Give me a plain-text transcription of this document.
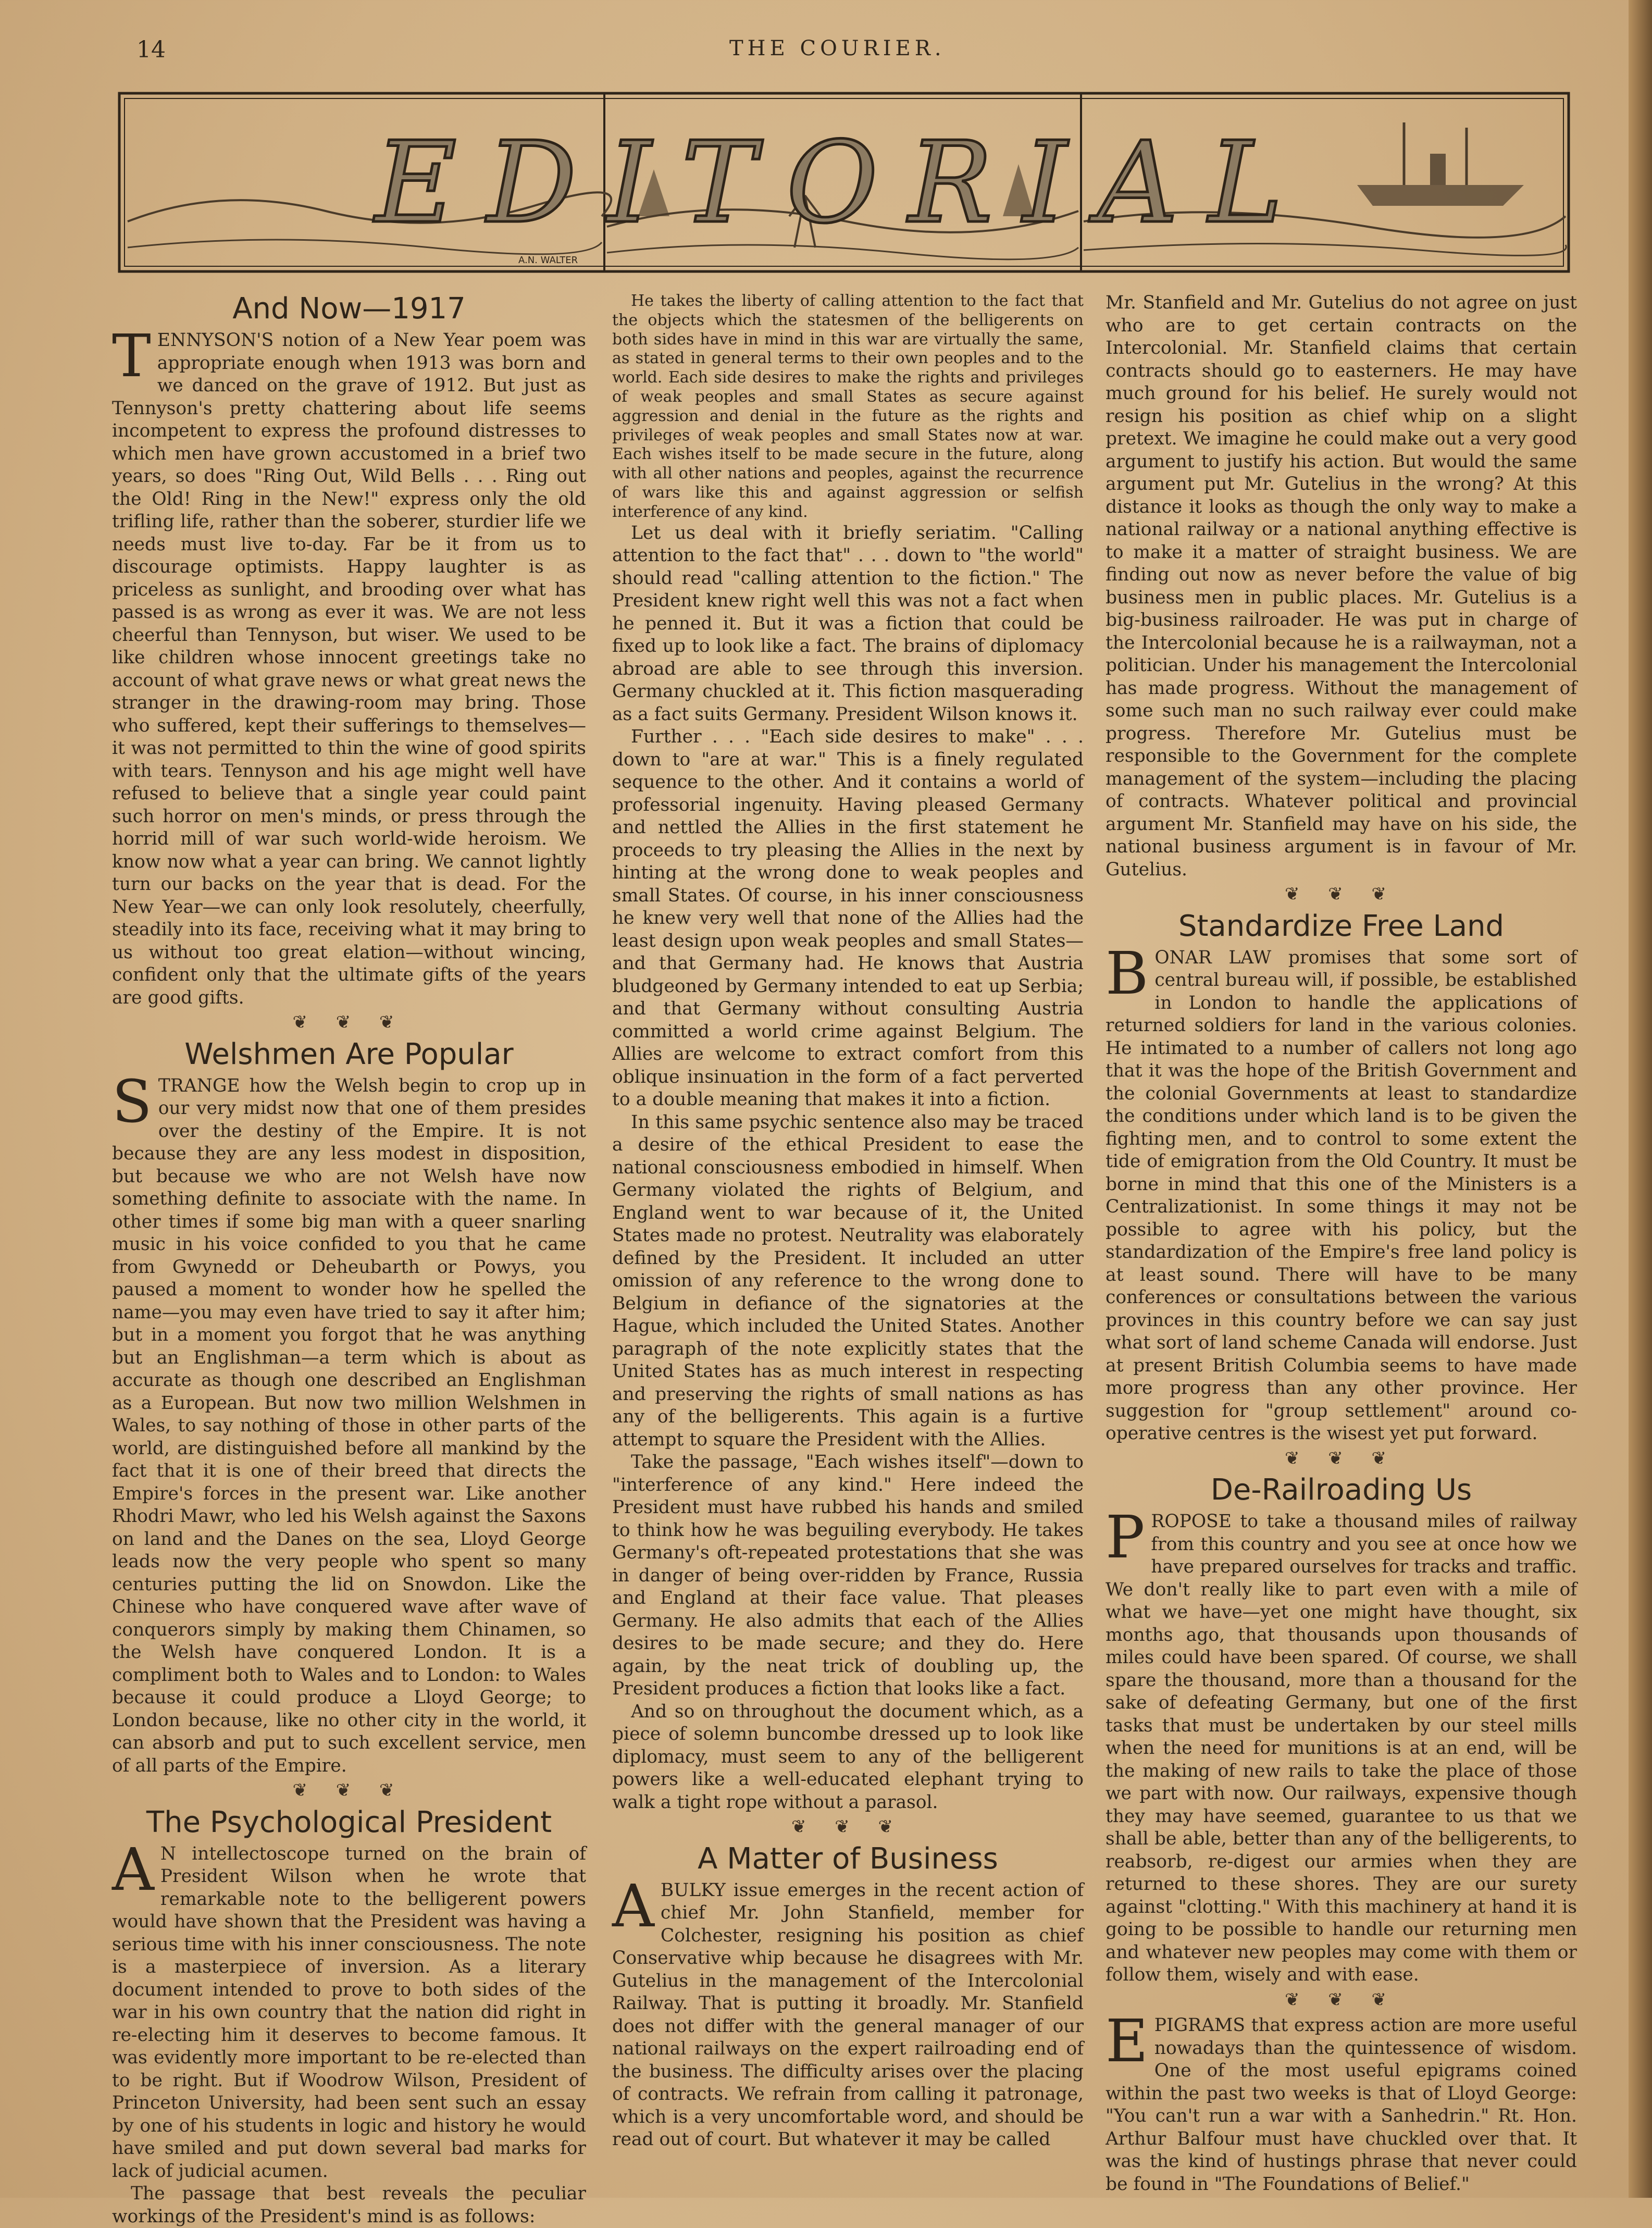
14	THE COURIER.
EDITORIAL
A.N. WALTER
And Now—1917

TENNYSON'S notion of a New Year poem was appropriate enough when 1913 was born and we danced on the grave of 1912. But just as Tennyson's pretty chattering about life seems incompetent to express the profound distresses to which men have grown accustomed in a brief two years, so does "Ring Out, Wild Bells . . . Ring out the Old! Ring in the New!" express only the old trifling life, rather than the soberer, sturdier life we needs must live to-day. Far be it from us to discourage optimists. Happy laughter is as priceless as sunlight, and brooding over what has passed is as wrong as ever it was. We are not less cheerful than Tennyson, but wiser. We used to be like children whose innocent greetings take no account of what grave news or what great news the stranger in the drawing-room may bring. Those who suffered, kept their sufferings to themselves—it was not permitted to thin the wine of good spirits with tears. Tennyson and his age might well have refused to believe that a single year could paint such horror on men's minds, or press through the horrid mill of war such world-wide heroism. We know now what a year can bring. We cannot lightly turn our backs on the year that is dead. For the New Year—we can only look resolutely, cheerfully, steadily into its face, receiving what it may bring to us without too great elation—without wincing, confident only that the ultimate gifts of the years are good gifts.

❦ ❦ ❦
Welshmen Are Popular

STRANGE how the Welsh begin to crop up in our very midst now that one of them presides over the destiny of the Empire. It is not because they are any less modest in disposition, but because we who are not Welsh have now something definite to associate with the name. In other times if some big man with a queer snarling music in his voice confided to you that he came from Gwynedd or Deheubarth or Powys, you paused a moment to wonder how he spelled the name—you may even have tried to say it after him; but in a moment you forgot that he was anything but an Englishman—a term which is about as accurate as though one described an Englishman as a European. But now two million Welshmen in Wales, to say nothing of those in other parts of the world, are distinguished before all mankind by the fact that it is one of their breed that directs the Empire's forces in the present war. Like another Rhodri Mawr, who led his Welsh against the Saxons on land and the Danes on the sea, Lloyd George leads now the very people who spent so many centuries putting the lid on Snowdon. Like the Chinese who have conquered wave after wave of conquerors simply by making them Chinamen, so the Welsh have conquered London. It is a compliment both to Wales and to London: to Wales because it could produce a Lloyd George; to London because, like no other city in the world, it can absorb and put to such excellent service, men of all parts of the Empire.

❦ ❦ ❦
The Psychological President

A N intellectoscope turned on the brain of President Wilson when he wrote that remarkable note to the belligerent powers would have shown that the President was having a serious time with his inner consciousness. The note is a masterpiece of inversion. As a literary document intended to prove to both sides of the war in his own country that the nation did right in re-electing him it deserves to become famous. It was evidently more important to be re-elected than to be right. But if Woodrow Wilson, President of Princeton University, had been sent such an essay by one of his students in logic and history he would have smiled and put down several bad marks for lack of judicial acumen.

The passage that best reveals the peculiar workings of the President's mind is as follows:

He takes the liberty of calling attention to the fact that the objects which the statesmen of the belligerents on both sides have in mind in this war are virtually the same, as stated in general terms to their own peoples and to the world. Each side desires to make the rights and privileges of weak peoples and small States as secure against aggression and denial in the future as the rights and privileges of weak peoples and small States now at war. Each wishes itself to be made secure in the future, along with all other nations and peoples, against the recurrence of wars like this and against aggression or selfish interference of any kind.

Let us deal with it briefly seriatim. "Calling attention to the fact that" . . . down to "the world" should read "calling attention to the fiction." The President knew right well this was not a fact when he penned it. But it was a fiction that could be fixed up to look like a fact. The brains of diplomacy abroad are able to see through this inversion. Germany chuckled at it. This fiction masquerading as a fact suits Germany. President Wilson knows it.

Further . . . "Each side desires to make" . . . down to "are at war." This is a finely regulated sequence to the other. And it contains a world of professorial ingenuity. Having pleased Germany and nettled the Allies in the first statement he proceeds to try pleasing the Allies in the next by hinting at the wrong done to weak peoples and small States. Of course, in his inner consciousness he knew very well that none of the Allies had the least design upon weak peoples and small States—and that Germany had. He knows that Austria bludgeoned by Germany intended to eat up Serbia; and that Germany without consulting Austria committed a world crime against Belgium. The Allies are welcome to extract comfort from this oblique insinuation in the form of a fact perverted to a double meaning that makes it into a fiction.

In this same psychic sentence also may be traced a desire of the ethical President to ease the national consciousness embodied in himself. When Germany violated the rights of Belgium, and England went to war because of it, the United States made no protest. Neutrality was elaborately defined by the President. It included an utter omission of any reference to the wrong done to Belgium in defiance of the signatories at the Hague, which included the United States. Another paragraph of the note explicitly states that the United States has as much interest in respecting and preserving the rights of small nations as has any of the belligerents. This again is a furtive attempt to square the President with the Allies.

Take the passage, "Each wishes itself"—down to "interference of any kind." Here indeed the President must have rubbed his hands and smiled to think how he was beguiling everybody. He takes Germany's oft-repeated protestations that she was in danger of being over-ridden by France, Russia and England at their face value. That pleases Germany. He also admits that each of the Allies desires to be made secure; and they do. Here again, by the neat trick of doubling up, the President produces a fiction that looks like a fact.

And so on throughout the document which, as a piece of solemn buncombe dressed up to look like diplomacy, must seem to any of the belligerent powers like a well-educated elephant trying to walk a tight rope without a parasol.

❦ ❦ ❦
A Matter of Business

ABULKY issue emerges in the recent action of chief Mr. John Stanfield, member for Colchester, resigning his position as chief Conservative whip because he disagrees with Mr. Gutelius in the management of the Intercolonial Railway. That is putting it broadly. Mr. Stanfield does not differ with the general manager of our national railways on the expert railroading end of the business. The difficulty arises over the placing of contracts. We refrain from calling it patronage, which is a very uncomfortable word, and should be read out of court. But whatever it may be called

Mr. Stanfield and Mr. Gutelius do not agree on just who are to get certain contracts on the Intercolonial. Mr. Stanfield claims that certain contracts should go to easterners. He may have much ground for his belief. He surely would not resign his position as chief whip on a slight pretext. We imagine he could make out a very good argument to justify his action. But would the same argument put Mr. Gutelius in the wrong? At this distance it looks as though the only way to make a national railway or a national anything effective is to make it a matter of straight business. We are finding out now as never before the value of big business men in public places. Mr. Gutelius is a big-business railroader. He was put in charge of the Intercolonial because he is a railwayman, not a politician. Under his management the Intercolonial has made progress. Without the management of some such man no such railway ever could make progress. Therefore Mr. Gutelius must be responsible to the Government for the complete management of the system—including the placing of contracts. Whatever political and provincial argument Mr. Stanfield may have on his side, the national business argument is in favour of Mr. Gutelius.

❦ ❦ ❦
Standardize Free Land

BONAR LAW promises that some sort of central bureau will, if possible, be established in London to handle the applications of returned soldiers for land in the various colonies. He intimated to a number of callers not long ago that it was the hope of the British Government and the colonial Governments at least to standardize the conditions under which land is to be given the fighting men, and to control to some extent the tide of emigration from the Old Country. It must be borne in mind that this one of the Ministers is a Centralizationist. In some things it may not be possible to agree with his policy, but the standardization of the Empire's free land policy is at least sound. There will have to be many conferences or consultations between the various provinces in this country before we can say just what sort of land scheme Canada will endorse. Just at present British Columbia seems to have made more progress than any other province. Her suggestion for "group settlement" around co-operative centres is the wisest yet put forward.

❦ ❦ ❦
De-Railroading Us

PROPOSE to take a thousand miles of railway from this country and you see at once how we have prepared ourselves for tracks and traffic. We don't really like to part even with a mile of what we have—yet one might have thought, six months ago, that thousands upon thousands of miles could have been spared. Of course, we shall spare the thousand, more than a thousand for the sake of defeating Germany, but one of the first tasks that must be undertaken by our steel mills when the need for munitions is at an end, will be the making of new rails to take the place of those we part with now. Our railways, expensive though they may have seemed, guarantee to us that we shall be able, better than any of the belligerents, to reabsorb, re-digest our armies when they are returned to these shores. They are our surety against "clotting." With this machinery at hand it is going to be possible to handle our returning men and whatever new peoples may come with them or follow them, wisely and with ease.

❦ ❦ ❦

EPIGRAMS that express action are more useful nowadays than the quintessence of wisdom. One of the most useful epigrams coined within the past two weeks is that of Lloyd George: "You can't run a war with a Sanhedrin." Rt. Hon. Arthur Balfour must have chuckled over that. It was the kind of hustings phrase that never could be found in "The Foundations of Belief."
